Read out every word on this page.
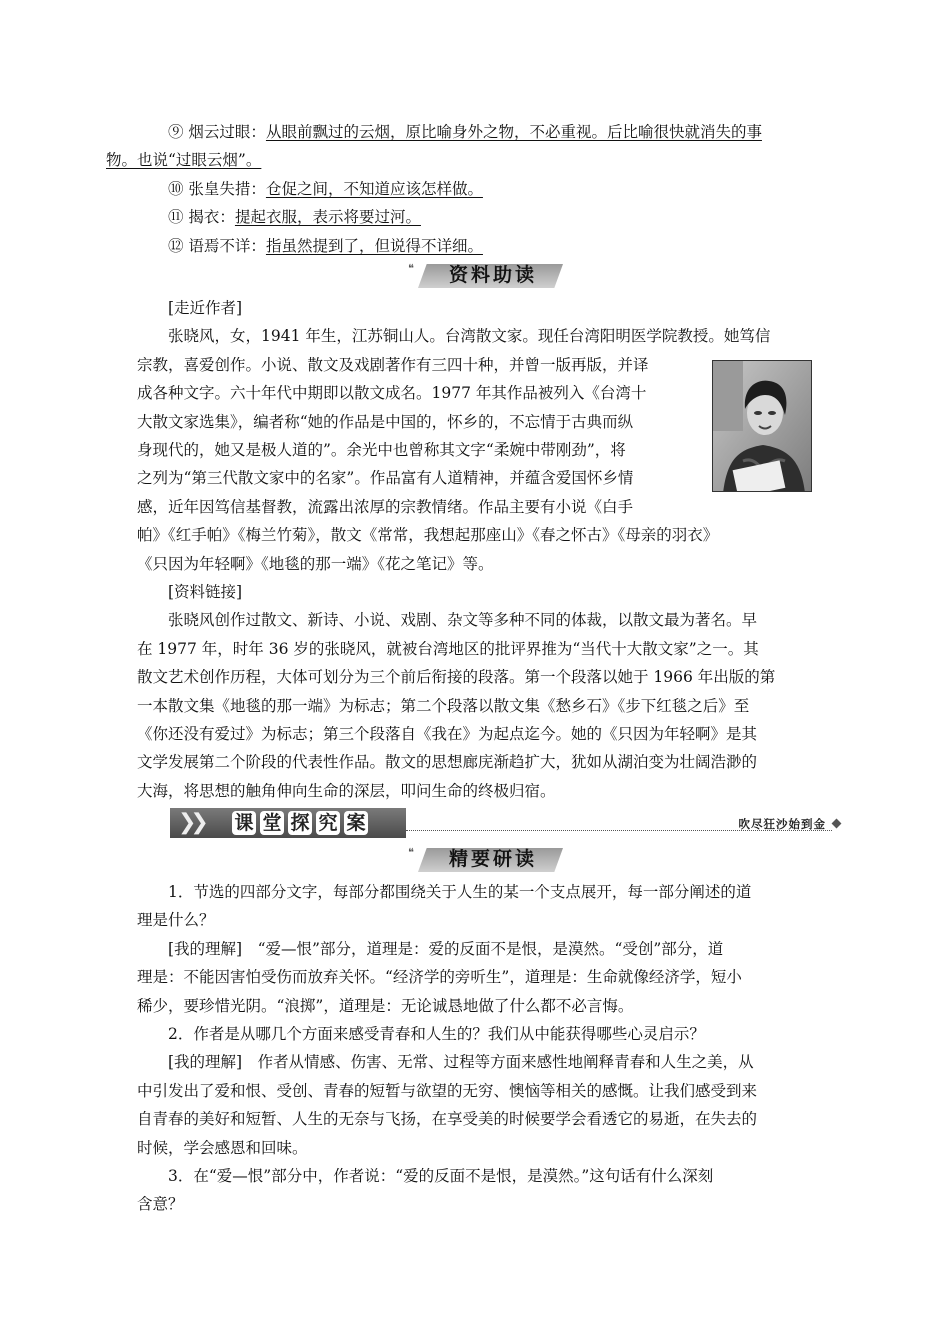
⑨ 烟云过眼：从眼前飘过的云烟，原比喻身外之物，不必重视。后比喻很快就消失的事
物。也说“过眼云烟”。
⑩ 张皇失措：仓促之间，不知道应该怎样做。
⑪ 揭衣：提起衣服，表示将要过河。
⑫ 语焉不详：指虽然提到了，但说得不详细。
❝	资料助读
[走近作者]
张晓风，女，1941 年生，江苏铜山人。台湾散文家。现任台湾阳明医学院教授。她笃信
宗教，喜爱创作。小说、散文及戏剧著作有三四十种，并曾一版再版，并译
成各种文字。六十年代中期即以散文成名。1977 年其作品被列入《台湾十
大散文家选集》，编者称“她的作品是中国的，怀乡的，不忘情于古典而纵
身现代的，她又是极人道的”。余光中也曾称其文字“柔婉中带刚劲”，将
之列为“第三代散文家中的名家”。作品富有人道精神，并蕴含爱国怀乡情
感，近年因笃信基督教，流露出浓厚的宗教情绪。作品主要有小说《白手
帕》《红手帕》《梅兰竹菊》，散文《常常，我想起那座山》《春之怀古》《母亲的羽衣》
《只因为年轻啊》《地毯的那一端》《花之笔记》等。
[资料链接]
张晓风创作过散文、新诗、小说、戏剧、杂文等多种不同的体裁，以散文最为著名。早
在 1977 年，时年 36 岁的张晓风，就被台湾地区的批评界推为“当代十大散文家”之一。其
散文艺术创作历程，大体可划分为三个前后衔接的段落。第一个段落以她于 1966 年出版的第
一本散文集《地毯的那一端》为标志；第二个段落以散文集《愁乡石》《步下红毯之后》至
《你还没有爱过》为标志；第三个段落自《我在》为起点迄今。她的《只因为年轻啊》是其
文学发展第二个阶段的代表性作品。散文的思想廊庑渐趋扩大，犹如从湖泊变为壮阔浩渺的
大海，将思想的触角伸向生命的深层，叩问生命的终极归宿。
❯❯ 课 堂 探 究 案	吹尽狂沙始到金
❝	精要研读
1．节选的四部分文字，每部分都围绕关于人生的某一个支点展开，每一部分阐述的道
理是什么？
[我的理解]　“爱—恨”部分，道理是：爱的反面不是恨，是漠然。“受创”部分，道
理是：不能因害怕受伤而放弃关怀。“经济学的旁听生”，道理是：生命就像经济学，短小
稀少，要珍惜光阴。“浪掷”，道理是：无论诚恳地做了什么都不必言悔。
2．作者是从哪几个方面来感受青春和人生的？我们从中能获得哪些心灵启示？
[我的理解]　作者从情感、伤害、无常、过程等方面来感性地阐释青春和人生之美，从
中引发出了爱和恨、受创、青春的短暂与欲望的无穷、懊恼等相关的感慨。让我们感受到来
自青春的美好和短暂、人生的无奈与飞扬，在享受美的时候要学会看透它的易逝，在失去的
时候，学会感恩和回味。
3．在“爱—恨”部分中，作者说：“爱的反面不是恨，是漠然。”这句话有什么深刻
含意？
